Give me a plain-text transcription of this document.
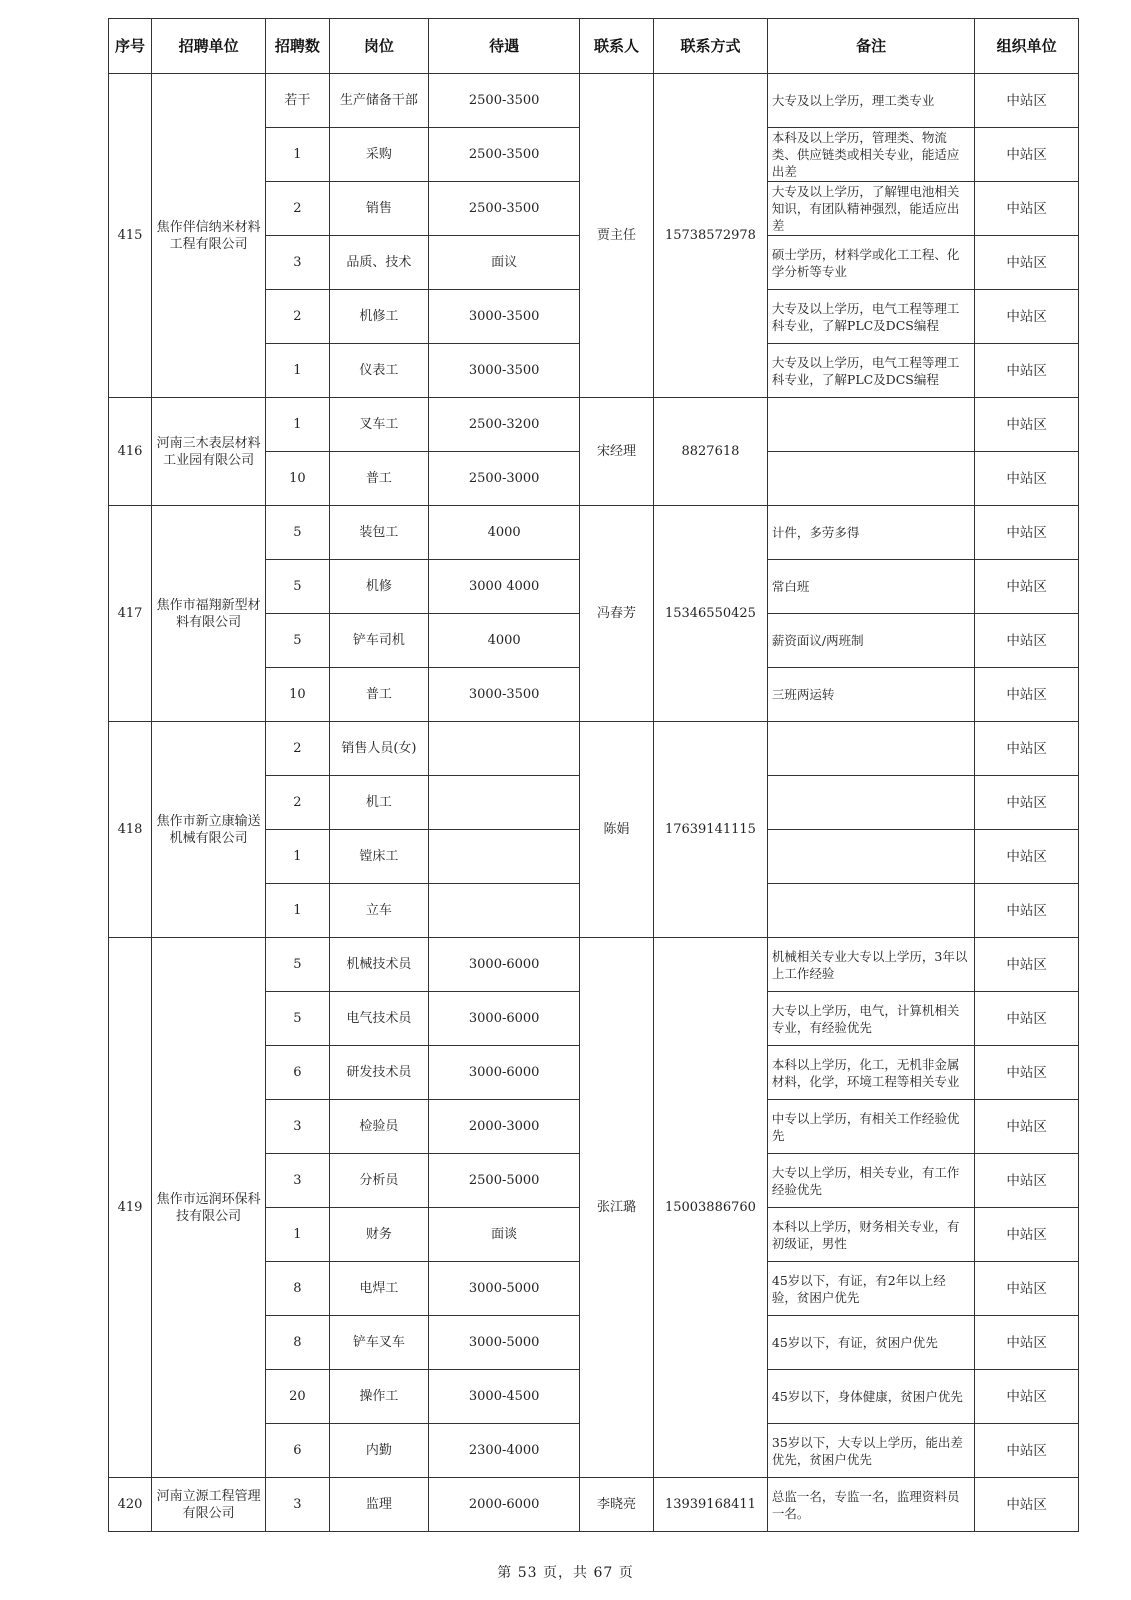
序号	招聘单位	招聘数	岗位	待遇	联系人	联系方式	备注	组织单位
415	焦作伴信纳米材料工程有限公司	若干	生产储备干部	2500-3500	贾主任	15738572978	大专及以上学历，理工类专业	中站区
		1	采购	2500-3500			本科及以上学历，管理类、物流类、供应链类或相关专业，能适应出差	中站区
		2	销售	2500-3500			大专及以上学历，了解锂电池相关知识，有团队精神强烈，能适应出差	中站区
		3	品质、技术	面议			硕士学历，材料学或化工工程、化学分析等专业	中站区
		2	机修工	3000-3500			大专及以上学历，电气工程等理工科专业，了解PLC及DCS编程	中站区
		1	仪表工	3000-3500			大专及以上学历，电气工程等理工科专业，了解PLC及DCS编程	中站区
416	河南三木表层材料工业园有限公司	1	叉车工	2500-3200	宋经理	8827618		中站区
		10	普工	2500-3000				中站区
417	焦作市福翔新型材料有限公司	5	装包工	4000	冯春芳	15346550425	计件，多劳多得	中站区
		5	机修	3000 4000			常白班	中站区
		5	铲车司机	4000			薪资面议/两班制	中站区
		10	普工	3000-3500			三班两运转	中站区
418	焦作市新立康输送机械有限公司	2	销售人员(女)		陈娟	17639141115		中站区
		2	机工					中站区
		1	镗床工					中站区
		1	立车					中站区
419	焦作市远润环保科技有限公司	5	机械技术员	3000-6000	张江璐	15003886760	机械相关专业大专以上学历，3年以上工作经验	中站区
		5	电气技术员	3000-6000			大专以上学历，电气，计算机相关专业，有经验优先	中站区
		6	研发技术员	3000-6000			本科以上学历，化工，无机非金属材料，化学，环境工程等相关专业	中站区
		3	检验员	2000-3000			中专以上学历，有相关工作经验优先	中站区
		3	分析员	2500-5000			大专以上学历，相关专业，有工作经验优先	中站区
		1	财务	面谈			本科以上学历，财务相关专业，有初级证，男性	中站区
		8	电焊工	3000-5000			45岁以下，有证，有2年以上经验，贫困户优先	中站区
		8	铲车叉车	3000-5000			45岁以下，有证，贫困户优先	中站区
		20	操作工	3000-4500			45岁以下，身体健康，贫困户优先	中站区
		6	内勤	2300-4000			35岁以下，大专以上学历，能出差优先，贫困户优先	中站区
420	河南立源工程管理有限公司	3	监理	2000-6000	李晓亮	13939168411	总监一名，专监一名，监理资料员一名。	中站区
第 53 页，共 67 页
